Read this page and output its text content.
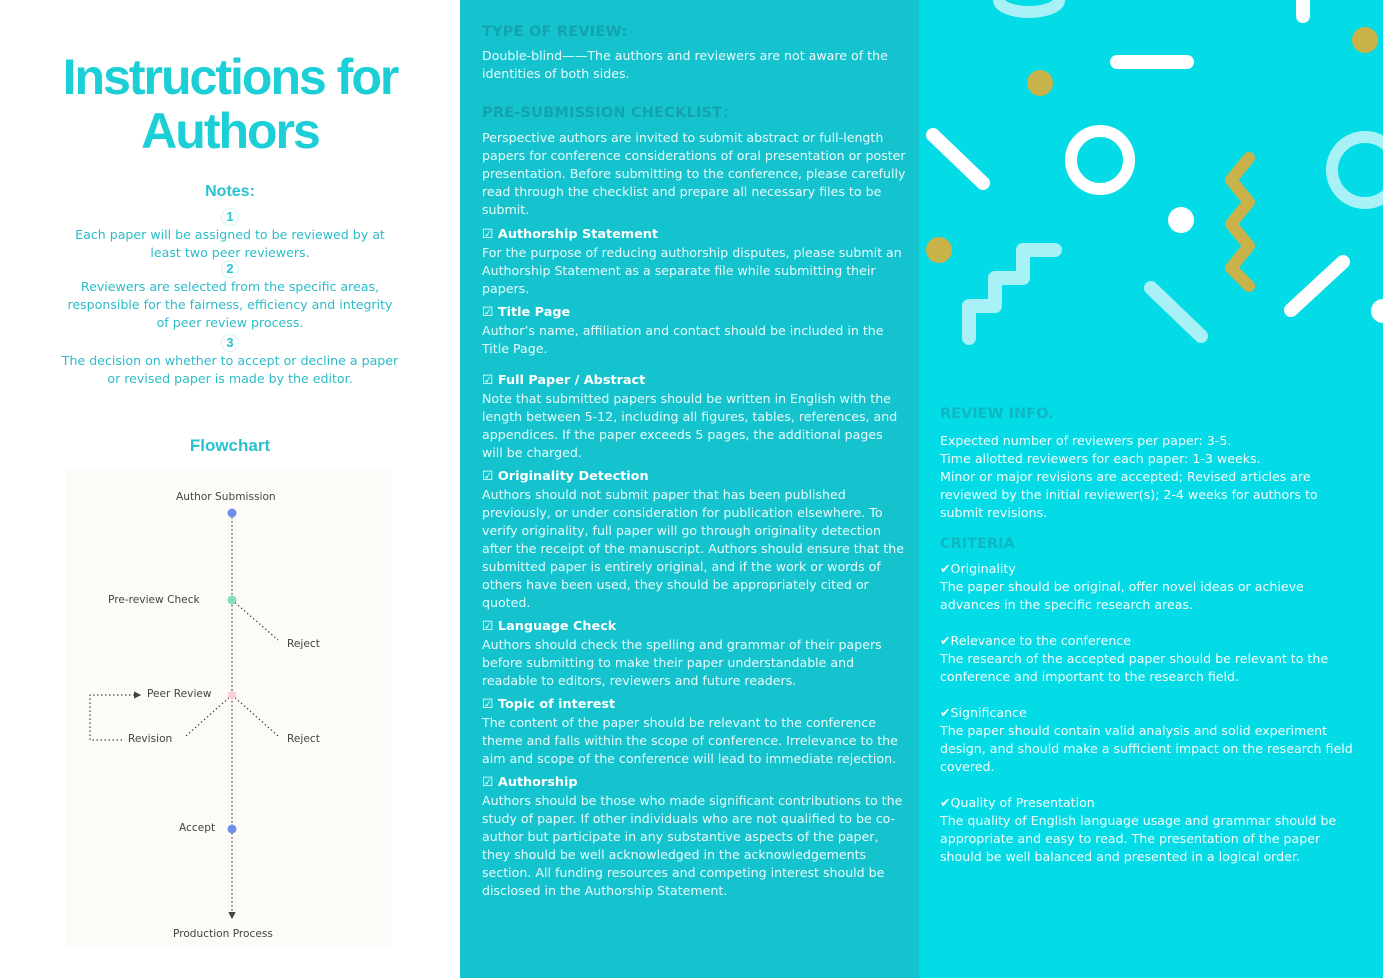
Instructions for
Authors
Notes:
1
Each paper will be assigned to be reviewed by at least two peer reviewers.
2
Reviewers are selected from the specific areas, responsible for the fairness, efficiency and integrity of peer review process.
3
The decision on whether to accept or decline a paper or revised paper is made by the editor.
Flowchart
Author Submission
Pre-review Check
Reject
Peer Review
Revision	Reject
Accept
Production Process

TYPE OF REVIEW:

Double-blind——The authors and reviewers are not aware of the identities of both sides.

PRE-SUBMISSION CHECKLIST：

Perspective authors are invited to submit abstract or full-length papers for conference considerations of oral presentation or poster presentation. Before submitting to the conference, please carefully read through the checklist and prepare all necessary files to be submit.

☑ Authorship Statement

For the purpose of reducing authorship disputes, please submit an Authorship Statement as a separate file while submitting their papers.

☑ Title Page

Author’s name, affiliation and contact should be included in the Title Page.

☑ Full Paper / Abstract

Note that submitted papers should be written in English with the length between 5-12, including all figures, tables, references, and appendices. If the paper exceeds 5 pages, the additional pages will be charged.

☑ Originality Detection

Authors should not submit paper that has been published previously, or under consideration for publication elsewhere. To verify originality, full paper will go through originality detection after the receipt of the manuscript. Authors should ensure that the submitted paper is entirely original, and if the work or words of others have been used, they should be appropriately cited or quoted.

☑ Language Check

Authors should check the spelling and grammar of their papers before submitting to make their paper understandable and readable to editors, reviewers and future readers.

☑ Topic of interest

The content of the paper should be relevant to the conference theme and falls within the scope of conference. Irrelevance to the aim and scope of the conference will lead to immediate rejection.

☑ Authorship

Authors should be those who made significant contributions to the study of paper. If other individuals who are not qualified to be co-author but participate in any substantive aspects of the paper, they should be well acknowledged in the acknowledgements section. All funding resources and competing interest should be disclosed in the Authorship Statement.

REVIEW INFO.

Expected number of reviewers per paper: 3-5.

Time allotted reviewers for each paper: 1-3 weeks.

Minor or major revisions are accepted; Revised articles are reviewed by the initial reviewer(s); 2-4 weeks for authors to submit revisions.

CRITERIA

✔Originality

The paper should be original, offer novel ideas or achieve advances in the specific research areas.

✔Relevance to the conference

The research of the accepted paper should be relevant to the conference and important to the research field.

✔Significance

The paper should contain valid analysis and solid experiment design, and should make a sufficient impact on the research field covered.

✔Quality of Presentation

The quality of English language usage and grammar should be appropriate and easy to read. The presentation of the paper should be well balanced and presented in a logical order.
